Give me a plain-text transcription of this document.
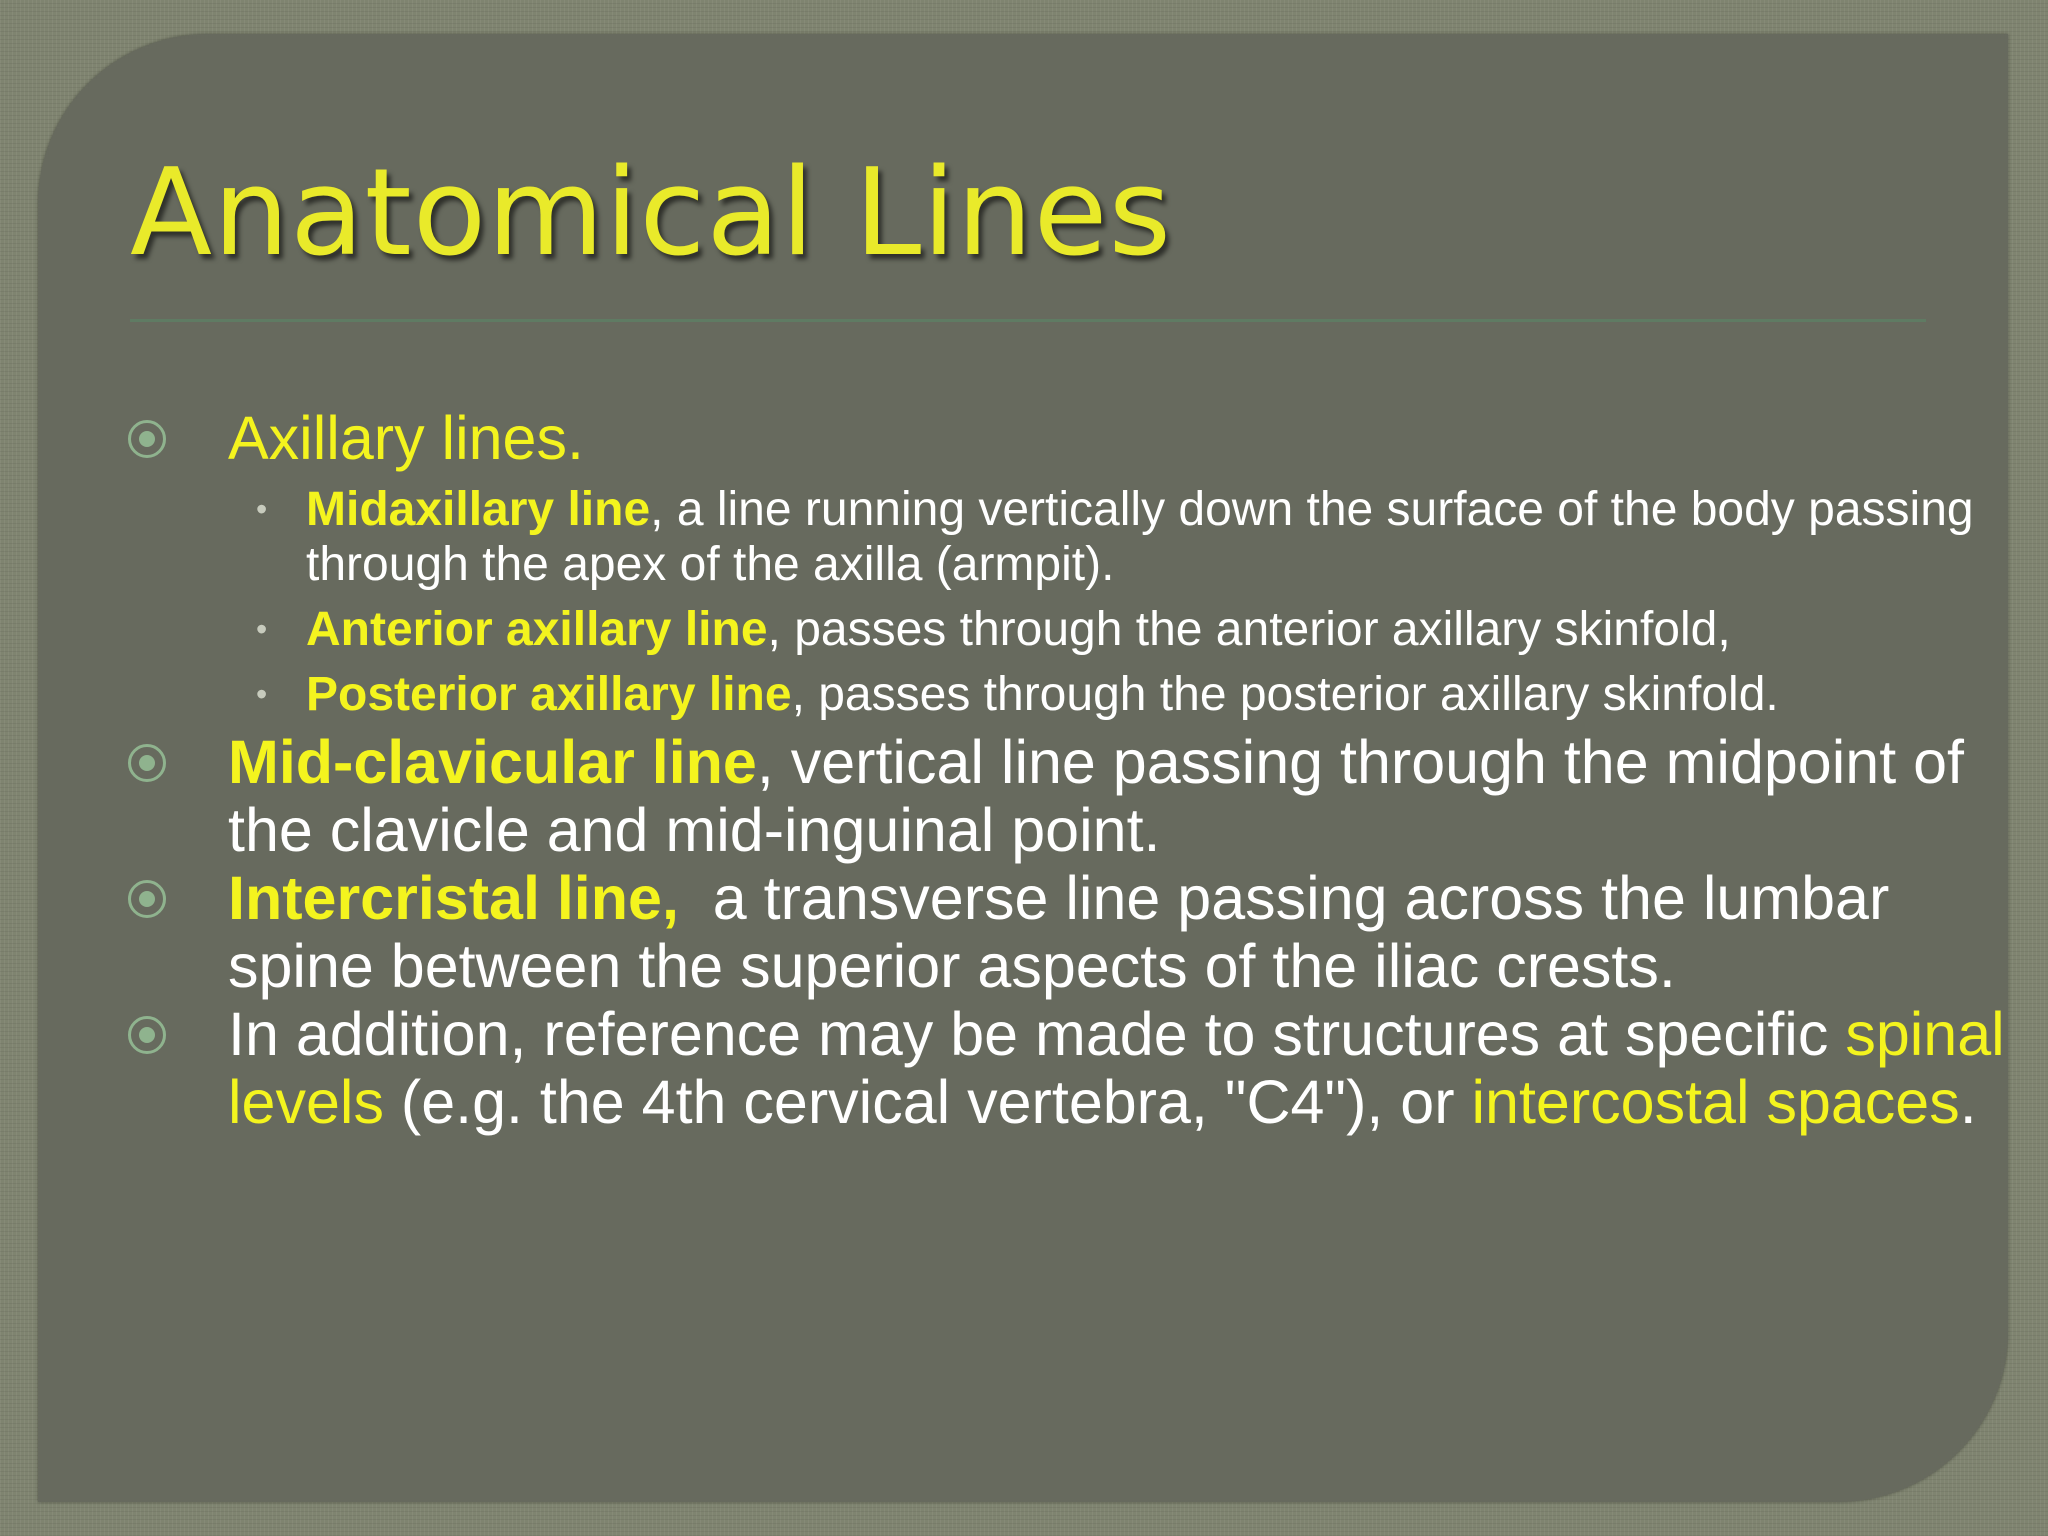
Anatomical Lines
Axillary lines.
• Midaxillary line, a line running vertically down the surface of the body passing through the apex of the axilla (armpit).
• Anterior axillary line, passes through the anterior axillary skinfold,
• Posterior axillary line, passes through the posterior axillary skinfold.
Mid-clavicular line, vertical line passing through the midpoint of the clavicle and mid-inguinal point.
Intercristal line,  a transverse line passing across the lumbar spine between the superior aspects of the iliac crests.
In addition, reference may be made to structures at specific spinal levels (e.g. the 4th cervical vertebra, "C4"), or intercostal spaces.
